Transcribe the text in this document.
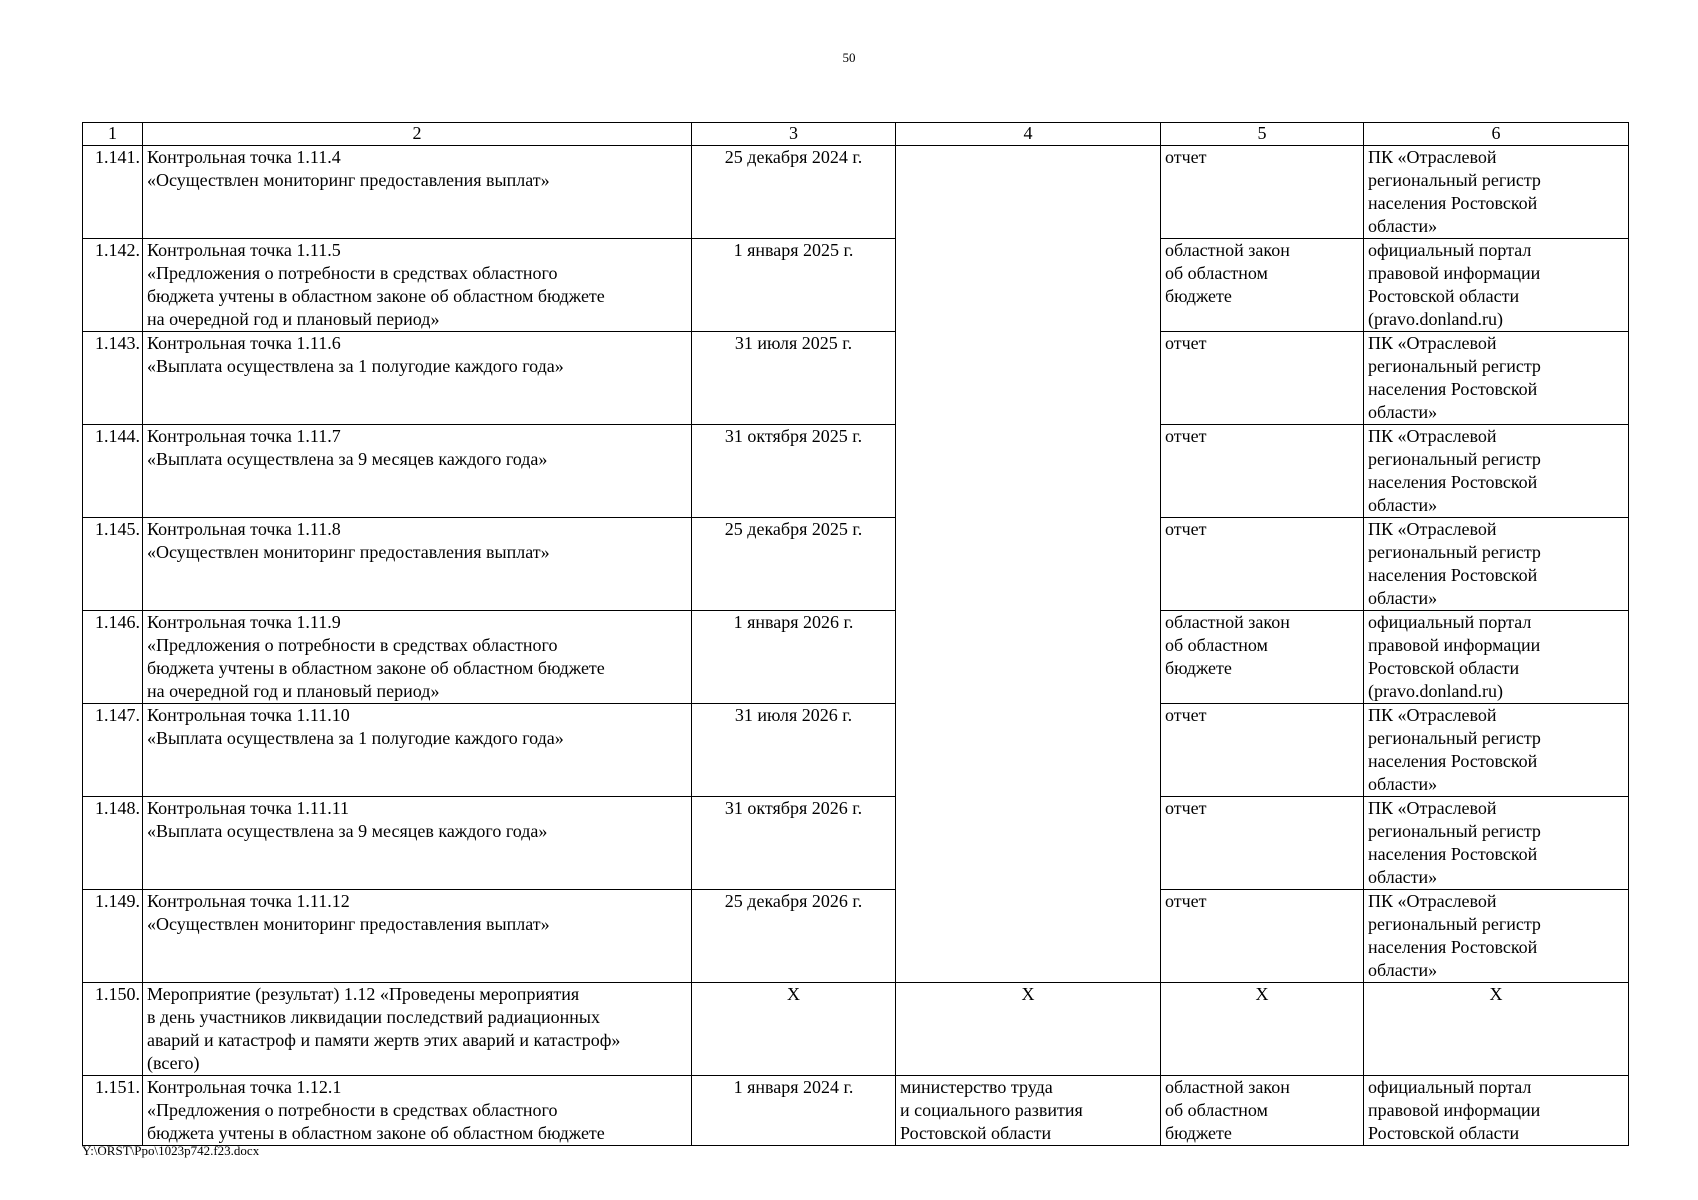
50
1	2	3	4	5	6
1.141.	Контрольная точка 1.11.4
«Осуществлен мониторинг предоставления выплат»	25 декабря 2024 г.		отчет	ПК «Отраслевой
региональный регистр
населения Ростовской
области»

1.142.	Контрольная точка 1.11.5
«Предложения о потребности в средствах областного
бюджета учтены в областном законе об областном бюджете
на очередной год и плановый период»	1 января 2025 г.		областной закон
об областном
бюджете	официальный портал
правовой информации
Ростовской области
(pravo.donland.ru)

1.143.	Контрольная точка 1.11.6
«Выплата осуществлена за 1 полугодие каждого года»	31 июля 2025 г.		отчет	ПК «Отраслевой
региональный регистр
населения Ростовской
области»

1.144.	Контрольная точка 1.11.7
«Выплата осуществлена за 9 месяцев каждого года»	31 октября 2025 г.		отчет	ПК «Отраслевой
региональный регистр
населения Ростовской
области»

1.145.	Контрольная точка 1.11.8
«Осуществлен мониторинг предоставления выплат»	25 декабря 2025 г.		отчет	ПК «Отраслевой
региональный регистр
населения Ростовской
области»

1.146.	Контрольная точка 1.11.9
«Предложения о потребности в средствах областного
бюджета учтены в областном законе об областном бюджете
на очередной год и плановый период»	1 января 2026 г.		областной закон
об областном
бюджете	официальный портал
правовой информации
Ростовской области
(pravo.donland.ru)

1.147.	Контрольная точка 1.11.10
«Выплата осуществлена за 1 полугодие каждого года»	31 июля 2026 г.		отчет	ПК «Отраслевой
региональный регистр
населения Ростовской
области»

1.148.	Контрольная точка 1.11.11
«Выплата осуществлена за 9 месяцев каждого года»	31 октября 2026 г.		отчет	ПК «Отраслевой
региональный регистр
населения Ростовской
области»

1.149.	Контрольная точка 1.11.12
«Осуществлен мониторинг предоставления выплат»	25 декабря 2026 г.		отчет	ПК «Отраслевой
региональный регистр
населения Ростовской
области»

1.150.	Мероприятие (результат) 1.12 «Проведены мероприятия
в день участников ликвидации последствий радиационных
аварий и катастроф и памяти жертв этих аварий и катастроф»
(всего)	Х	Х	Х	Х
1.151.	Контрольная точка 1.12.1
«Предложения о потребности в средствах областного
бюджета учтены в областном законе об областном бюджете	1 января 2024 г.	министерство труда
и социального развития
Ростовской области	областной закон
об областном
бюджете	официальный портал
правовой информации
Ростовской области
Y:\ORST\Ppo\1023p742.f23.docx
